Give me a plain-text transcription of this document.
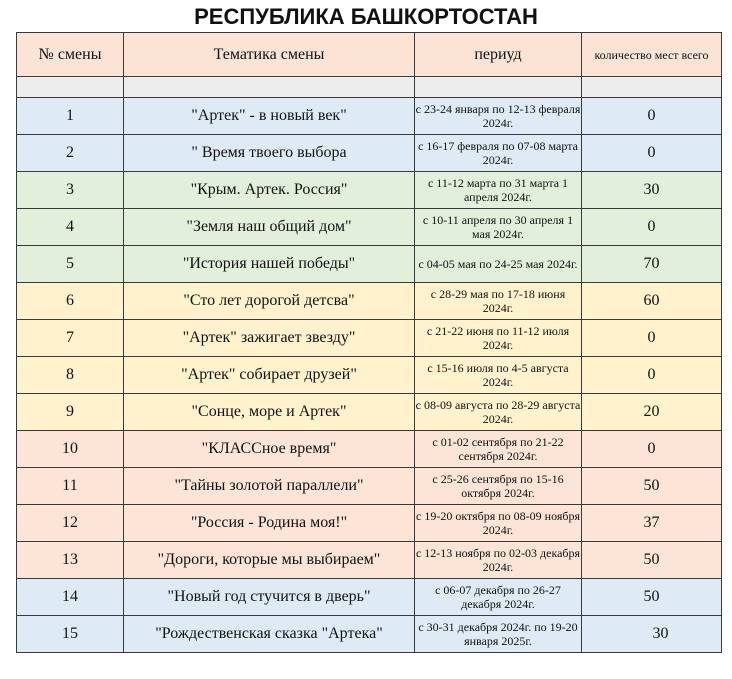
РЕСПУБЛИКА БАШКОРТОСТАН
№ смены	Тематика смены	периуд	количество мест всего

1	"Артек" - в новый век"	с 23-24 января по 12-13 февраля 2024г.	0
2	" Время твоего выбора	с 16-17 февраля по 07-08 марта 2024г.	0
3	"Крым. Артек. Россия"	с 11-12 марта по 31 марта 1 апреля 2024г.	30
4	"Земля наш общий дом"	с 10-11 апреля по 30 апреля 1 мая 2024г.	0
5	"История нашей победы"	с 04-05 мая по 24-25 мая 2024г.	70
6	"Сто лет дорогой детсва"	с 28-29 мая по 17-18 июня 2024г.	60
7	"Артек" зажигает звезду"	с 21-22 июня по 11-12 июля 2024г.	0
8	"Артек" собирает друзей"	с 15-16 июля по 4-5 августа 2024г.	0
9	"Сонце, море и Артек"	с 08-09 августа по 28-29 августа 2024г.	20
10	"КЛАССное время"	с 01-02 сентября по 21-22 сентября 2024г.	0
11	"Тайны золотой параллели"	с 25-26 сентября по 15-16 октября 2024г.	50
12	"Россия - Родина моя!"	с 19-20 октября по 08-09 ноября 2024г.	37
13	"Дороги, которые мы выбираем"	с 12-13 ноября по 02-03 декабря 2024г.	50
14	"Новый год стучится в дверь"	с 06-07 декабря по 26-27 декабря 2024г.	50
15	"Рождественская сказка "Артека"	с 30-31 декабря 2024г. по 19-20 января 2025г.	30
